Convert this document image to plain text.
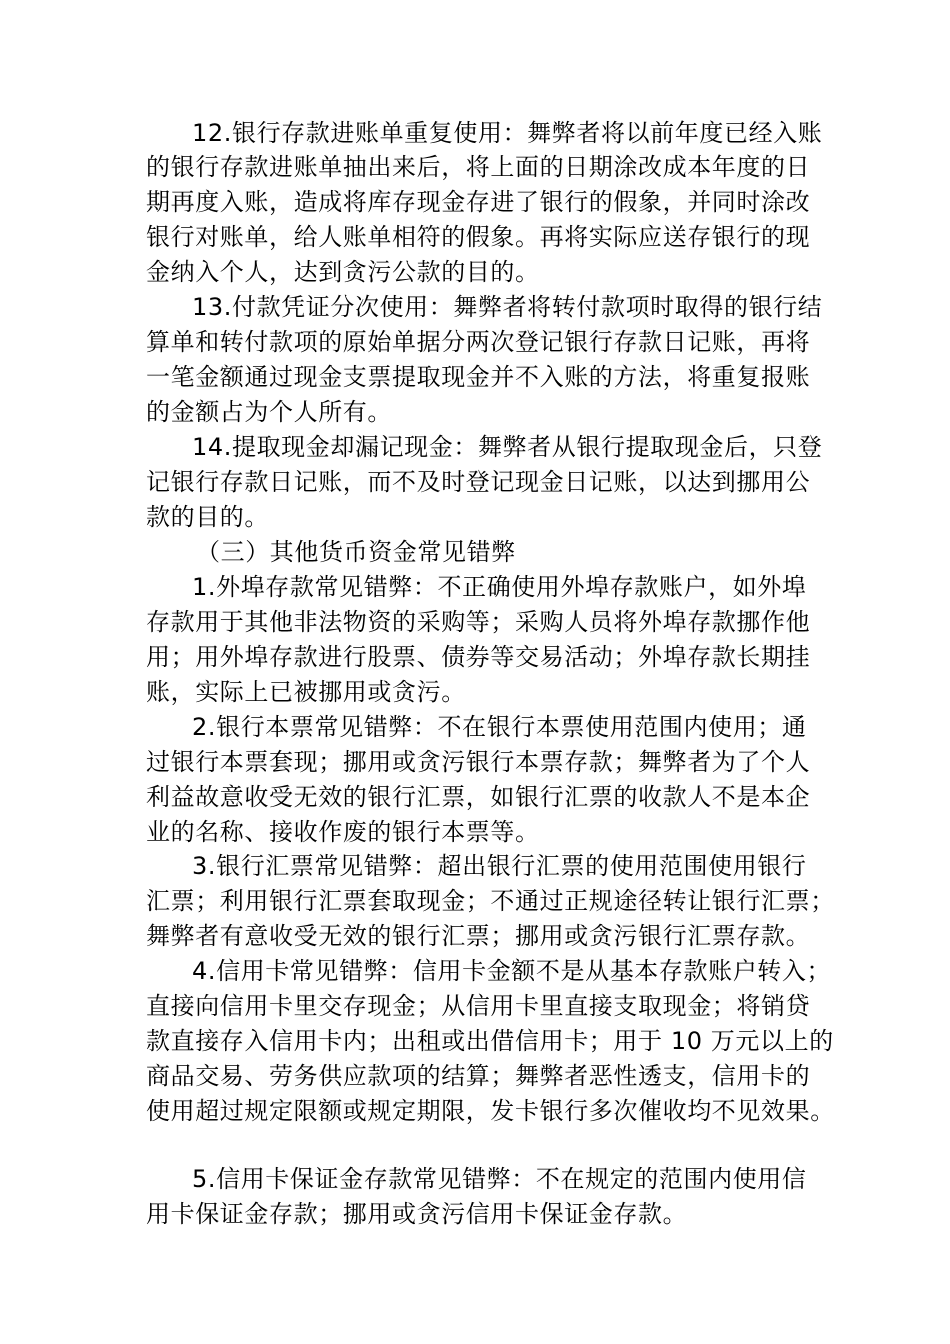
12.银行存款进账单重复使用：舞弊者将以前年度已经入账
的银行存款进账单抽出来后，将上面的日期涂改成本年度的日
期再度入账，造成将库存现金存进了银行的假象，并同时涂改
银行对账单，给人账单相符的假象。再将实际应送存银行的现
金纳入个人，达到贪污公款的目的。
13.付款凭证分次使用：舞弊者将转付款项时取得的银行结
算单和转付款项的原始单据分两次登记银行存款日记账，再将
一笔金额通过现金支票提取现金并不入账的方法，将重复报账
的金额占为个人所有。
14.提取现金却漏记现金：舞弊者从银行提取现金后，只登
记银行存款日记账，而不及时登记现金日记账，以达到挪用公
款的目的。
（三）其他货币资金常见错弊
1.外埠存款常见错弊：不正确使用外埠存款账户，如外埠
存款用于其他非法物资的采购等；采购人员将外埠存款挪作他
用；用外埠存款进行股票、债券等交易活动；外埠存款长期挂
账，实际上已被挪用或贪污。
2.银行本票常见错弊：不在银行本票使用范围内使用；通
过银行本票套现；挪用或贪污银行本票存款；舞弊者为了个人
利益故意收受无效的银行汇票，如银行汇票的收款人不是本企
业的名称、接收作废的银行本票等。
3.银行汇票常见错弊：超出银行汇票的使用范围使用银行
汇票；利用银行汇票套取现金；不通过正规途径转让银行汇票；
舞弊者有意收受无效的银行汇票；挪用或贪污银行汇票存款。
4.信用卡常见错弊：信用卡金额不是从基本存款账户转入；
直接向信用卡里交存现金；从信用卡里直接支取现金；将销贷
款直接存入信用卡内；出租或出借信用卡；用于 10 万元以上的
商品交易、劳务供应款项的结算；舞弊者恶性透支，信用卡的
使用超过规定限额或规定期限，发卡银行多次催收均不见效果。
5.信用卡保证金存款常见错弊：不在规定的范围内使用信
用卡保证金存款；挪用或贪污信用卡保证金存款。
